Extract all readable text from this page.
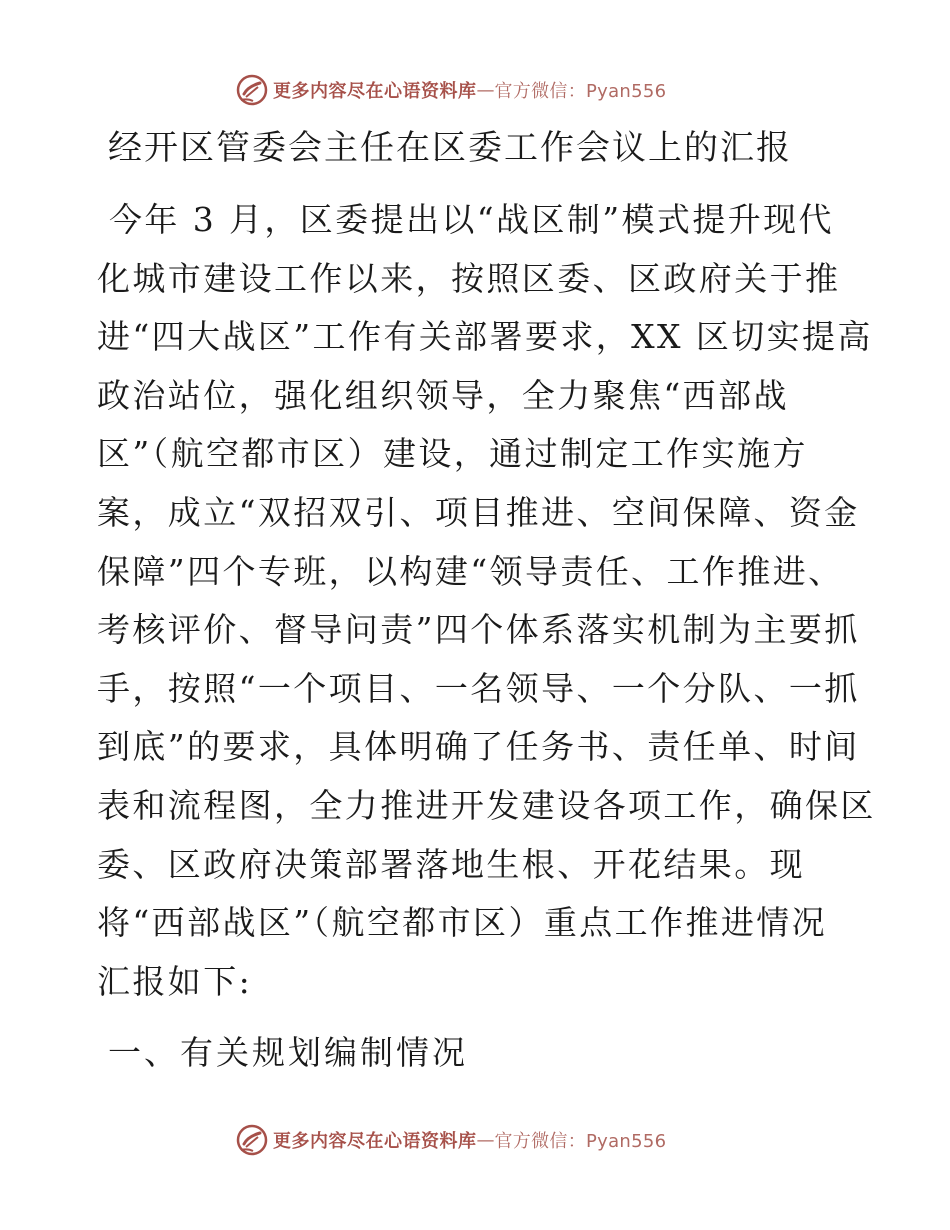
更多内容尽在心语资料库 — 官方微信：Pyan556
经开区管委会主任在区委工作会议上的汇报
今年 3 月，区委提出以“战区制”模式提升现代
化城市建设工作以来，按照区委、区政府关于推
进“四大战区”工作有关部署要求，XX 区切实提高
政治站位，强化组织领导，全力聚焦“西部战
区”（航空都市区）建设，通过制定工作实施方
案，成立“双招双引、项目推进、空间保障、资金
保障”四个专班，以构建“领导责任、工作推进、
考核评价、督导问责”四个体系落实机制为主要抓
手，按照“一个项目、一名领导、一个分队、一抓
到底”的要求，具体明确了任务书、责任单、时间
表和流程图，全力推进开发建设各项工作，确保区
委、区政府决策部署落地生根、开花结果。现
将“西部战区”（航空都市区）重点工作推进情况
汇报如下:
一、有关规划编制情况
更多内容尽在心语资料库 — 官方微信：Pyan556
